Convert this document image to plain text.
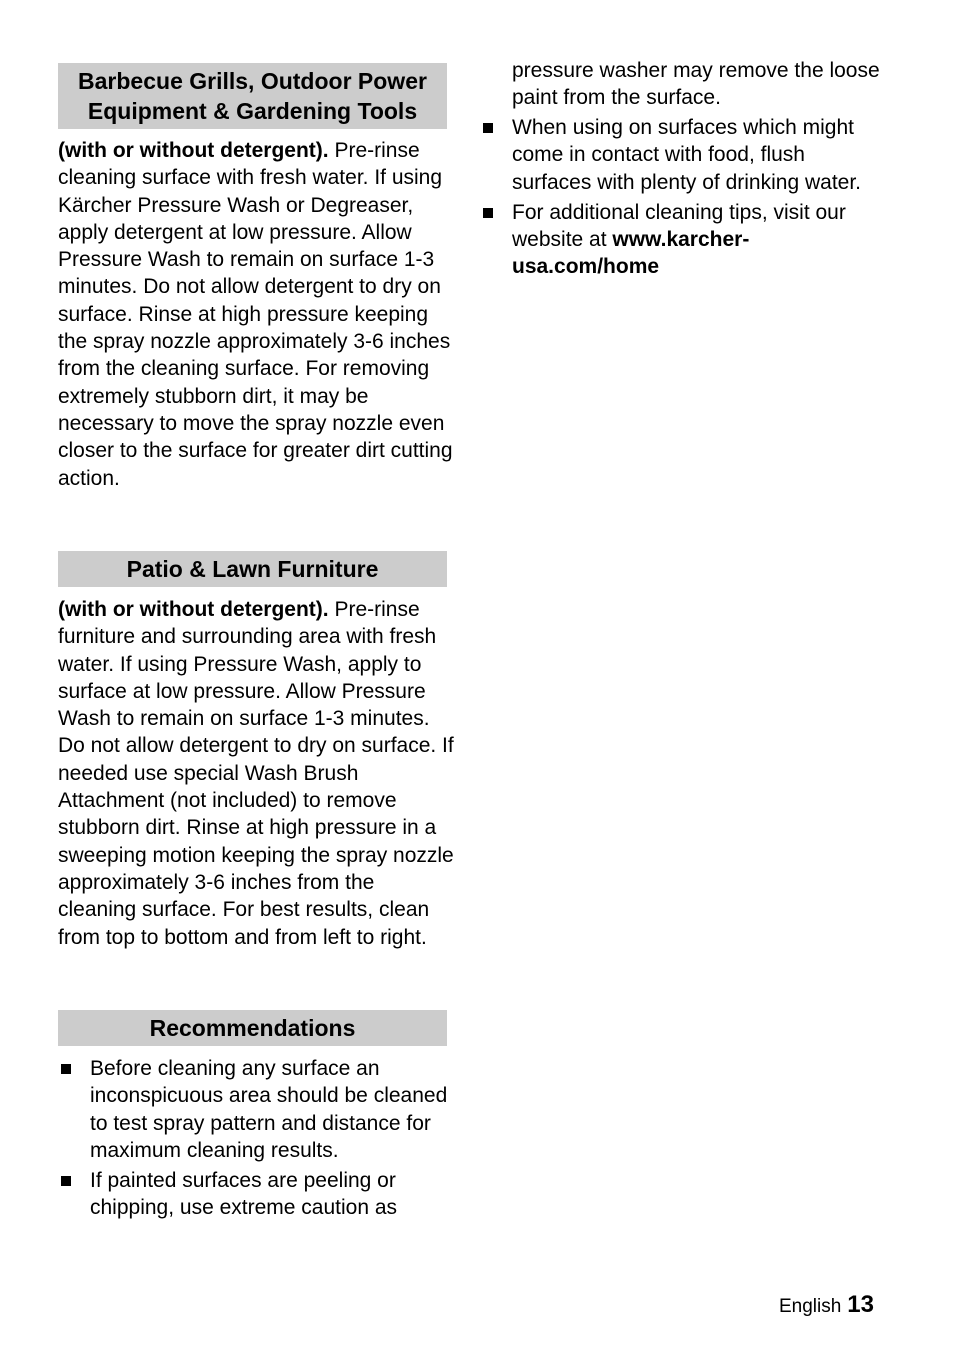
Barbecue Grills, Outdoor Power Equipment & Gardening Tools
(with or without detergent). Pre-rinse cleaning surface with fresh water. If using Kärcher Pressure Wash or Degreaser, apply detergent at low pressure. Allow Pressure Wash to remain on surface 1-3 minutes. Do not allow detergent to dry on surface. Rinse at high pressure keeping the spray nozzle approximately 3-6 inches from the cleaning surface. For removing extremely stubborn dirt, it may be necessary to move the spray nozzle even closer to the surface for greater dirt cutting action.
Patio & Lawn Furniture
(with or without detergent). Pre-rinse furniture and surrounding area with fresh water. If using Pressure Wash, apply to surface at low pressure. Allow Pressure Wash to remain on surface 1-3 minutes. Do not allow detergent to dry on surface. If needed use special Wash Brush Attachment (not included) to remove stubborn dirt. Rinse at high pressure in a sweeping motion keeping the spray nozzle approximately 3-6 inches from the cleaning surface. For best results, clean from top to bottom and from left to right.
Recommendations
Before cleaning any surface an inconspicuous area should be cleaned to test spray pattern and distance for maximum cleaning results.
If painted surfaces are peeling or chipping, use extreme caution as
pressure washer may remove the loose paint from the surface.
When using on surfaces which might come in contact with food, flush surfaces with plenty of drinking water.
For additional cleaning tips, visit our website at www.karcher-usa.com/home
English 13
